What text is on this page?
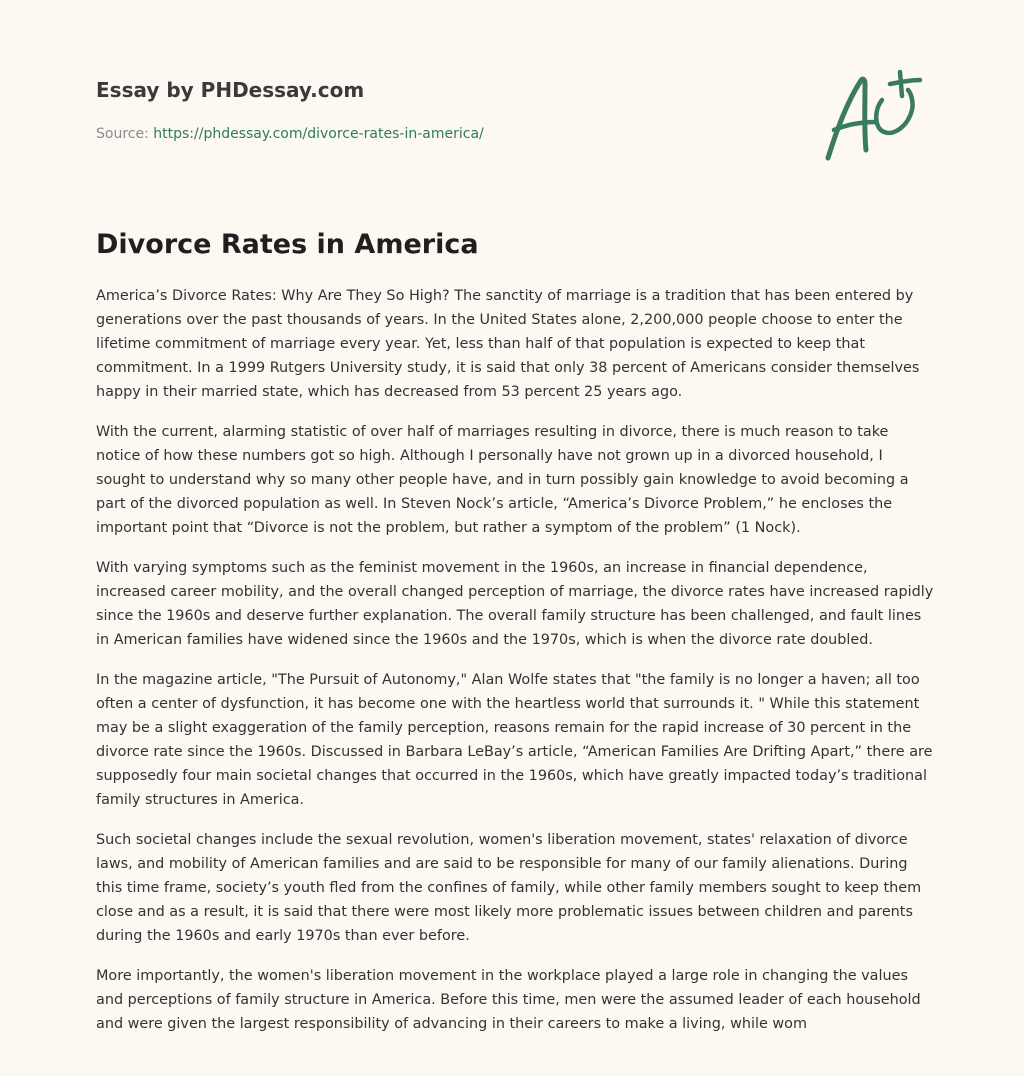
Essay by PHDessay.com
Source: https://phdessay.com/divorce-rates-in-america/
Divorce Rates in America

America’s Divorce Rates: Why Are They So High? The sanctity of marriage is a tradition that has been entered by generations over the past thousands of years. In the United States alone, 2,200,000 people choose to enter the lifetime commitment of marriage every year. Yet, less than half of that population is expected to keep that commitment. In a 1999 Rutgers University study, it is said that only 38 percent of Americans consider themselves happy in their married state, which has decreased from 53 percent 25 years ago.

With the current, alarming statistic of over half of marriages resulting in divorce, there is much reason to take notice of how these numbers got so high. Although I personally have not grown up in a divorced household, I sought to understand why so many other people have, and in turn possibly gain knowledge to avoid becoming a part of the divorced population as well. In Steven Nock’s article, “America’s Divorce Problem,” he encloses the important point that “Divorce is not the problem, but rather a symptom of the problem” (1 Nock).

With varying symptoms such as the feminist movement in the 1960s, an increase in financial dependence, increased career mobility, and the overall changed perception of marriage, the divorce rates have increased rapidly since the 1960s and deserve further explanation. The overall family structure has been challenged, and fault lines in American families have widened since the 1960s and the 1970s, which is when the divorce rate doubled.

In the magazine article, "The Pursuit of Autonomy," Alan Wolfe states that "the family is no longer a haven; all too often a center of dysfunction, it has become one with the heartless world that surrounds it. " While this statement may be a slight exaggeration of the family perception, reasons remain for the rapid increase of 30 percent in the divorce rate since the 1960s. Discussed in Barbara LeBay’s article, “American Families Are Drifting Apart,” there are supposedly four main societal changes that occurred in the 1960s, which have greatly impacted today’s traditional family structures in America.

Such societal changes include the sexual revolution, women's liberation movement, states' relaxation of divorce laws, and mobility of American families and are said to be responsible for many of our family alienations. During this time frame, society’s youth fled from the confines of family, while other family members sought to keep them close and as a result, it is said that there were most likely more problematic issues between children and parents during the 1960s and early 1970s than ever before.

More importantly, the women's liberation movement in the workplace played a large role in changing the values and perceptions of family structure in America. Before this time, men were the assumed leader of each household and were given the largest responsibility of advancing in their careers to make a living, while wom
